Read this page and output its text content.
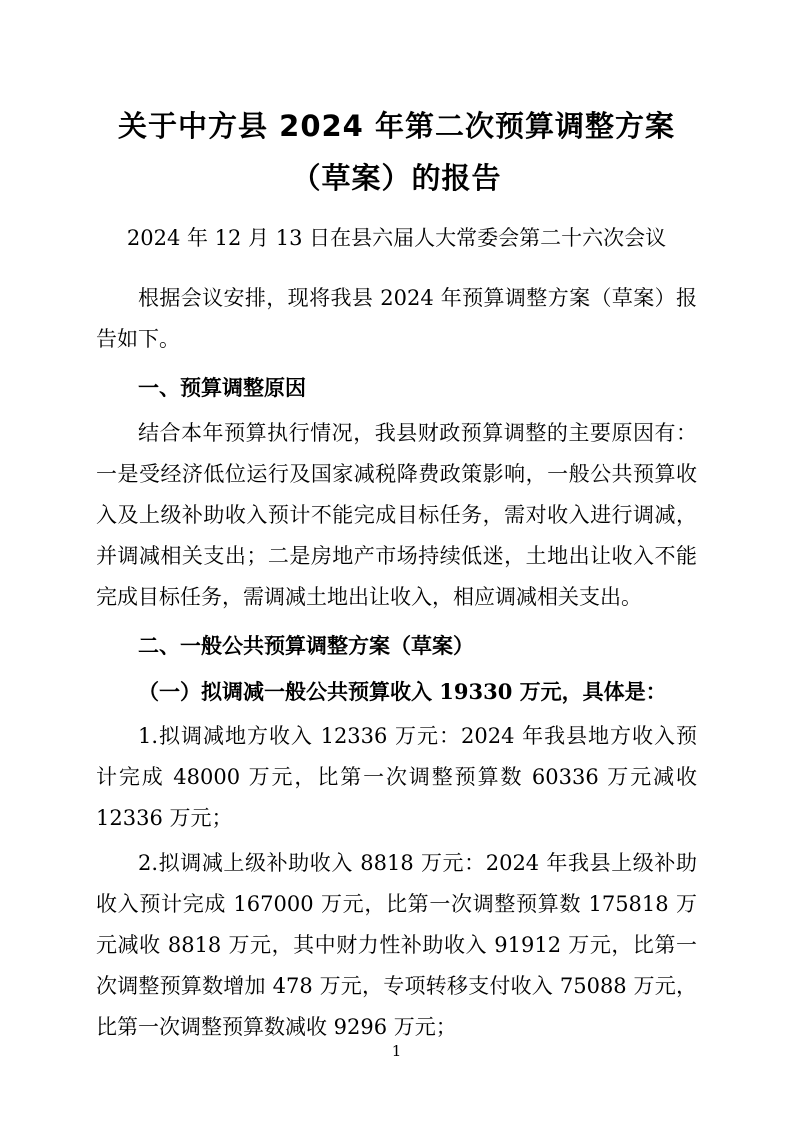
关于中方县 2024 年第二次预算调整方案
（草案）的报告

2024 年 12 月 13 日在县六届人大常委会第二十六次会议

根据会议安排，现将我县 2024 年预算调整方案（草案）报告如下。

一、预算调整原因

结合本年预算执行情况，我县财政预算调整的主要原因有：一是受经济低位运行及国家减税降费政策影响，一般公共预算收入及上级补助收入预计不能完成目标任务，需对收入进行调减，并调减相关支出；二是房地产市场持续低迷，土地出让收入不能完成目标任务，需调减土地出让收入，相应调减相关支出。

二、一般公共预算调整方案（草案）

（一）拟调减一般公共预算收入 19330 万元，具体是：

1.拟调减地方收入 12336 万元：2024 年我县地方收入预计完成 48000 万元，比第一次调整预算数 60336 万元减收 12336 万元；

2.拟调减上级补助收入 8818 万元：2024 年我县上级补助收入预计完成 167000 万元，比第一次调整预算数 175818 万元减收 8818 万元，其中财力性补助收入 91912 万元，比第一次调整预算数增加 478 万元，专项转移支付收入 75088 万元，比第一次调整预算数减收 9296 万元；

1
